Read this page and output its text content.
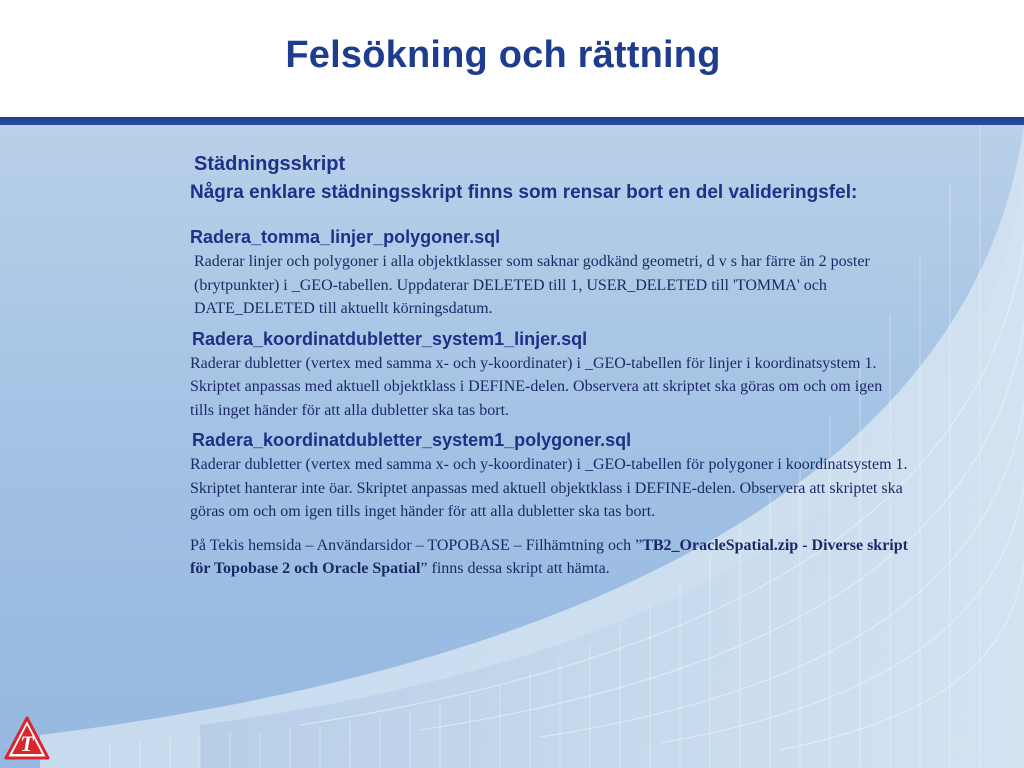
Felsökning och rättning

Städningsskript

Några enklare städningsskript finns som rensar bort en del valideringsfel:

Radera_tomma_linjer_polygoner.sql

Raderar linjer och polygoner i alla objektklasser som saknar godkänd geometri, d v s har färre än 2 poster (brytpunkter) i _GEO-tabellen. Uppdaterar DELETED till 1, USER_DELETED till 'TOMMA' och DATE_DELETED till aktuellt körningsdatum.

Radera_koordinatdubletter_system1_linjer.sql

Raderar dubletter (vertex med samma x- och y-koordinater) i _GEO-tabellen för linjer i koordinatsystem 1. Skriptet anpassas med aktuell objektklass i DEFINE-delen. Observera att skriptet ska göras om och om igen tills inget händer för att alla dubletter ska tas bort.

Radera_koordinatdubletter_system1_polygoner.sql

Raderar dubletter (vertex med samma x- och y-koordinater) i _GEO-tabellen för polygoner i koordinatsystem 1. Skriptet hanterar inte öar. Skriptet anpassas med aktuell objektklass i DEFINE-delen. Observera att skriptet ska göras om och om igen tills inget händer för att alla dubletter ska tas bort.

På Tekis hemsida – Användarsidor – TOPOBASE – Filhämtning och ”TB2_OracleSpatial.zip - Diverse skript för Topobase 2 och Oracle Spatial” finns dessa skript att hämta.

T
